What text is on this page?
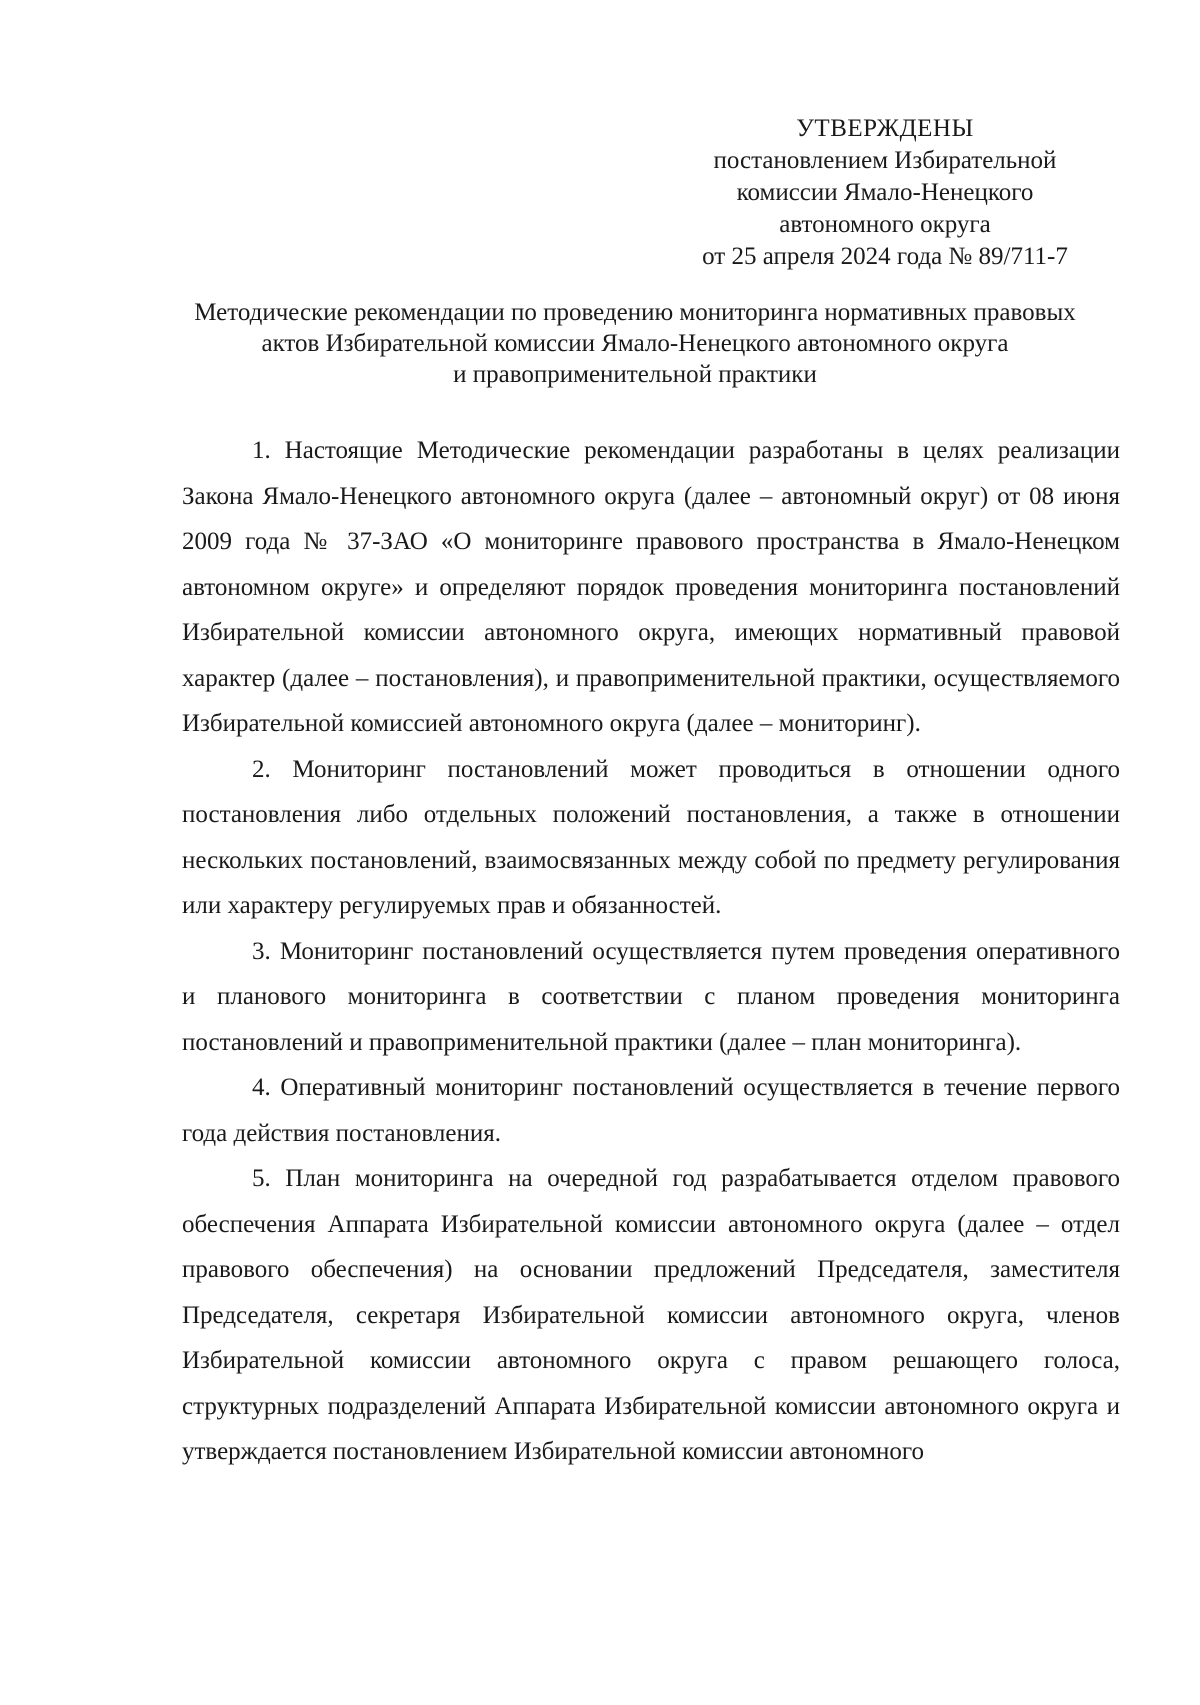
УТВЕРЖДЕНЫ
постановлением Избирательной
комиссии Ямало-Ненецкого
автономного округа
от 25 апреля 2024 года № 89/711-7
Методические рекомендации по проведению мониторинга нормативных правовых
актов Избирательной комиссии Ямало-Ненецкого автономного округа
и правоприменительной практики

1. Настоящие Методические рекомендации разработаны в целях реализации Закона Ямало-Ненецкого автономного округа (далее – автономный округ) от 08 июня 2009 года № 37-ЗАО «О мониторинге правового пространства в Ямало-Ненецком автономном округе» и определяют порядок проведения мониторинга постановлений Избирательной комиссии автономного округа, имеющих нормативный правовой характер (далее – постановления), и правоприменительной практики, осуществляемого Избирательной комиссией автономного округа (далее – мониторинг).

2. Мониторинг постановлений может проводиться в отношении одного постановления либо отдельных положений постановления, а также в отношении нескольких постановлений, взаимосвязанных между собой по предмету регулирования или характеру регулируемых прав и обязанностей.

3. Мониторинг постановлений осуществляется путем проведения оперативного и планового мониторинга в соответствии с планом проведения мониторинга постановлений и правоприменительной практики (далее – план мониторинга).

4. Оперативный мониторинг постановлений осуществляется в течение первого года действия постановления.

5. План мониторинга на очередной год разрабатывается отделом правового обеспечения Аппарата Избирательной комиссии автономного округа (далее – отдел правового обеспечения) на основании предложений Председателя, заместителя Председателя, секретаря Избирательной комиссии автономного округа, членов Избирательной комиссии автономного округа с правом решающего голоса, структурных подразделений Аппарата Избирательной комиссии автономного округа и утверждается постановлением Избирательной комиссии автономного
